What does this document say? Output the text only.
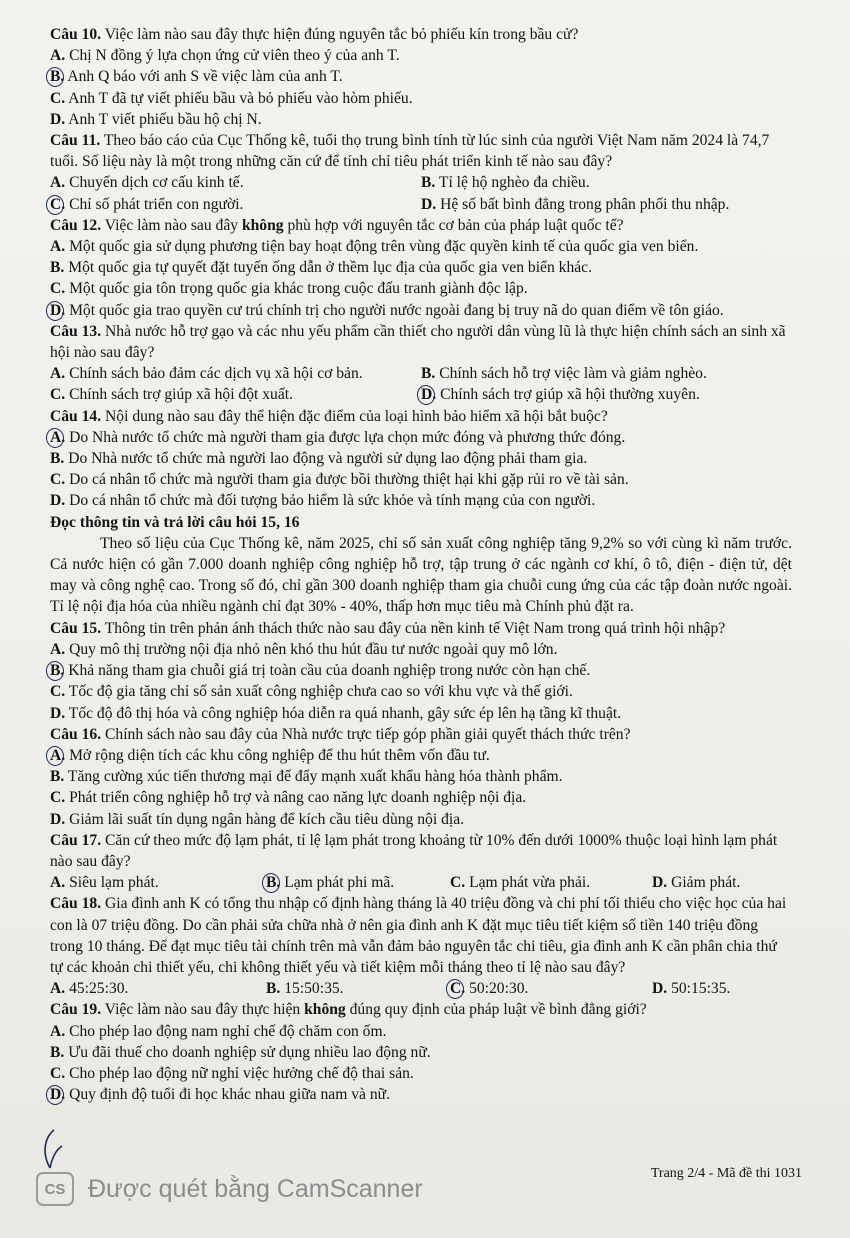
Câu 10. Việc làm nào sau đây thực hiện đúng nguyên tắc bỏ phiếu kín trong bầu cử?

A. Chị N đồng ý lựa chọn ứng cử viên theo ý của anh T.

B. Anh Q báo với anh S về việc làm của anh T.

C. Anh T đã tự viết phiếu bầu và bỏ phiếu vào hòm phiếu.

D. Anh T viết phiếu bầu hộ chị N.

Câu 11. Theo báo cáo của Cục Thống kê, tuổi thọ trung bình tính từ lúc sinh của người Việt Nam năm 2024 là 74,7 tuổi. Số liệu này là một trong những căn cứ để tính chỉ tiêu phát triển kinh tế nào sau đây?

A. Chuyển dịch cơ cấu kinh tế.	B. Tỉ lệ hộ nghèo đa chiều.
C. Chỉ số phát triển con người.	D. Hệ số bất bình đẳng trong phân phối thu nhập.

Câu 12. Việc làm nào sau đây không phù hợp với nguyên tắc cơ bản của pháp luật quốc tế?

A. Một quốc gia sử dụng phương tiện bay hoạt động trên vùng đặc quyền kinh tế của quốc gia ven biển.

B. Một quốc gia tự quyết đặt tuyến ống dẫn ở thềm lục địa của quốc gia ven biển khác.

C. Một quốc gia tôn trọng quốc gia khác trong cuộc đấu tranh giành độc lập.

D. Một quốc gia trao quyền cư trú chính trị cho người nước ngoài đang bị truy nã do quan điểm về tôn giáo.

Câu 13. Nhà nước hỗ trợ gạo và các nhu yếu phẩm cần thiết cho người dân vùng lũ là thực hiện chính sách an sinh xã hội nào sau đây?

A. Chính sách bảo đảm các dịch vụ xã hội cơ bản.	B. Chính sách hỗ trợ việc làm và giảm nghèo.
C. Chính sách trợ giúp xã hội đột xuất.	D. Chính sách trợ giúp xã hội thường xuyên.

Câu 14. Nội dung nào sau đây thể hiện đặc điểm của loại hình bảo hiểm xã hội bắt buộc?

A. Do Nhà nước tổ chức mà người tham gia được lựa chọn mức đóng và phương thức đóng.

B. Do Nhà nước tổ chức mà người lao động và người sử dụng lao động phải tham gia.

C. Do cá nhân tổ chức mà người tham gia được bồi thường thiệt hại khi gặp rủi ro về tài sản.

D. Do cá nhân tổ chức mà đối tượng bảo hiểm là sức khỏe và tính mạng của con người.

Đọc thông tin và trả lời câu hỏi 15, 16

Theo số liệu của Cục Thống kê, năm 2025, chỉ số sản xuất công nghiệp tăng 9,2% so với cùng kì năm trước. Cả nước hiện có gần 7.000 doanh nghiệp công nghiệp hỗ trợ, tập trung ở các ngành cơ khí, ô tô, điện - điện tử, dệt may và công nghệ cao. Trong số đó, chỉ gần 300 doanh nghiệp tham gia chuỗi cung ứng của các tập đoàn nước ngoài. Tỉ lệ nội địa hóa của nhiều ngành chỉ đạt 30% - 40%, thấp hơn mục tiêu mà Chính phủ đặt ra.

Câu 15. Thông tin trên phản ánh thách thức nào sau đây của nền kinh tế Việt Nam trong quá trình hội nhập?

A. Quy mô thị trường nội địa nhỏ nên khó thu hút đầu tư nước ngoài quy mô lớn.

B. Khả năng tham gia chuỗi giá trị toàn cầu của doanh nghiệp trong nước còn hạn chế.

C. Tốc độ gia tăng chỉ số sản xuất công nghiệp chưa cao so với khu vực và thế giới.

D. Tốc độ đô thị hóa và công nghiệp hóa diễn ra quá nhanh, gây sức ép lên hạ tầng kĩ thuật.

Câu 16. Chính sách nào sau đây của Nhà nước trực tiếp góp phần giải quyết thách thức trên?

A. Mở rộng diện tích các khu công nghiệp để thu hút thêm vốn đầu tư.

B. Tăng cường xúc tiến thương mại để đẩy mạnh xuất khẩu hàng hóa thành phẩm.

C. Phát triển công nghiệp hỗ trợ và nâng cao năng lực doanh nghiệp nội địa.

D. Giảm lãi suất tín dụng ngân hàng để kích cầu tiêu dùng nội địa.

Câu 17. Căn cứ theo mức độ lạm phát, tỉ lệ lạm phát trong khoảng từ 10% đến dưới 1000% thuộc loại hình lạm phát nào sau đây?

A. Siêu lạm phát.	B. Lạm phát phi mã.	C. Lạm phát vừa phải.	D. Giảm phát.

Câu 18. Gia đình anh K có tổng thu nhập cố định hàng tháng là 40 triệu đồng và chi phí tối thiểu cho việc học của hai con là 07 triệu đồng. Do cần phải sửa chữa nhà ở nên gia đình anh K đặt mục tiêu tiết kiệm số tiền 140 triệu đồng trong 10 tháng. Để đạt mục tiêu tài chính trên mà vẫn đảm bảo nguyên tắc chi tiêu, gia đình anh K cần phân chia thứ tự các khoản chi thiết yếu, chi không thiết yếu và tiết kiệm mỗi tháng theo tỉ lệ nào sau đây?

A. 45:25:30.	B. 15:50:35.	C. 50:20:30.	D. 50:15:35.

Câu 19. Việc làm nào sau đây thực hiện không đúng quy định của pháp luật về bình đẳng giới?

A. Cho phép lao động nam nghỉ chế độ chăm con ốm.

B. Ưu đãi thuế cho doanh nghiệp sử dụng nhiều lao động nữ.

C. Cho phép lao động nữ nghỉ việc hưởng chế độ thai sản.

D. Quy định độ tuổi đi học khác nhau giữa nam và nữ.

Trang 2/4 - Mã đề thi 1031
CS Được quét bằng CamScanner
